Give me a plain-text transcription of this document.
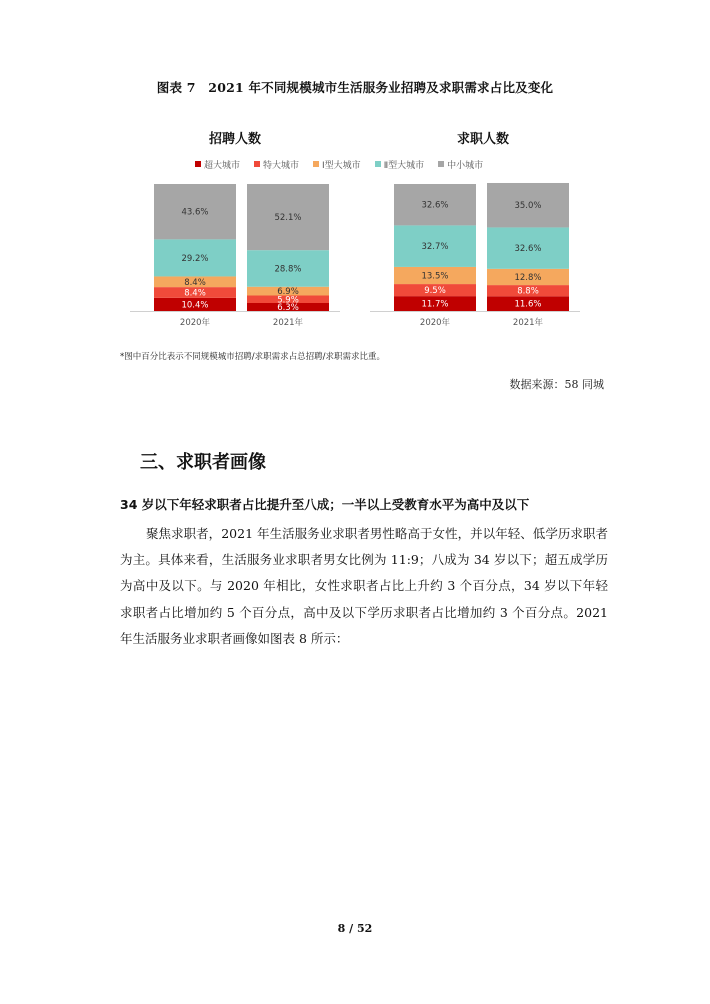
图表 7　2021 年不同规模城市生活服务业招聘及求职需求占比及变化
招聘人数	求职人数
超大城市	特大城市	Ⅰ型大城市	Ⅱ型大城市	中小城市
10.4%
8.4%
8.4%
29.2%
43.6%
2020年
6.3%
5.9%
6.9%
28.8%
52.1%
2021年
11.7%
9.5%
13.5%
32.7%
32.6%
2020年
11.6%
8.8%
12.8%
32.6%
35.0%
2021年
*图中百分比表示不同规模城市招聘/求职需求占总招聘/求职需求比重。
数据来源：58 同城
三、求职者画像
34 岁以下年轻求职者占比提升至八成；一半以上受教育水平为高中及以下
聚焦求职者，2021 年生活服务业求职者男性略高于女性，并以年轻、低学历求职者为主。具体来看，生活服务业求职者男女比例为 11:9；八成为 34 岁以下；超五成学历为高中及以下。与 2020 年相比，女性求职者占比上升约 3 个百分点，34 岁以下年轻求职者占比增加约 5 个百分点，高中及以下学历求职者占比增加约 3 个百分点。2021 年生活服务业求职者画像如图表 8 所示：
8 / 52
